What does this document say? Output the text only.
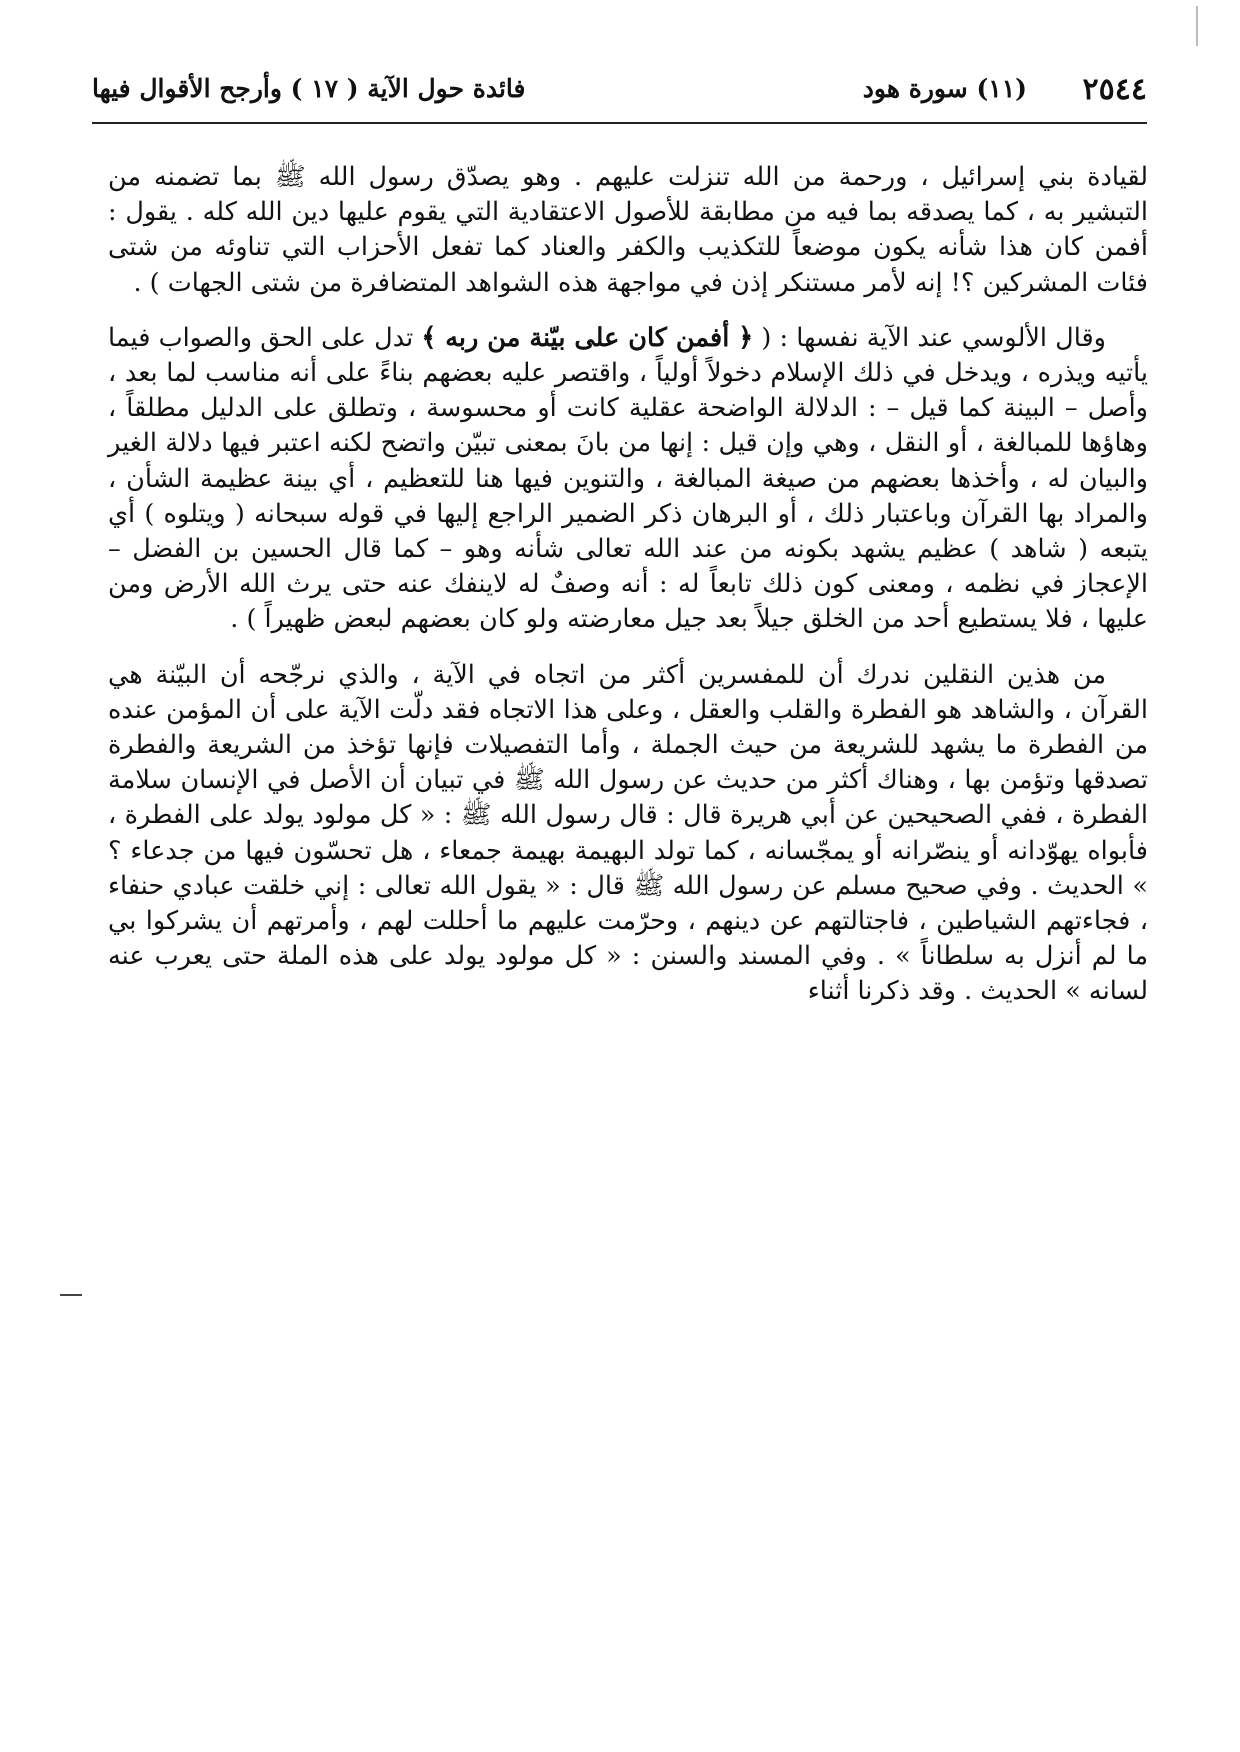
٢٥٤٤
(١١) سورة هود
فائدة حول الآية ( ١٧ ) وأرجح الأقوال فيها

لقيادة بني إسرائيل ، ورحمة من الله تنزلت عليهم . وهو يصدّق رسول الله ﷺ بما تضمنه من التبشير به ، كما يصدقه بما فيه من مطابقة للأصول الاعتقادية التي يقوم عليها دين الله كله . يقول : أفمن كان هذا شأنه يكون موضعاً للتكذيب والكفر والعناد كما تفعل الأحزاب التي تناوئه من شتى فئات المشركين ؟! إنه لأمر مستنكر إذن في مواجهة هذه الشواهد المتضافرة من شتى الجهات ) .

وقال الألوسي عند الآية نفسها : ( ﴿ أفمن كان على بيّنة من ربه ﴾ تدل على الحق والصواب فيما يأتيه ويذره ، ويدخل في ذلك الإسلام دخولاً أولياً ، واقتصر عليه بعضهم بناءً على أنه مناسب لما بعد ، وأصل – البينة كما قيل – : الدلالة الواضحة عقلية كانت أو محسوسة ، وتطلق على الدليل مطلقاً ، وهاؤها للمبالغة ، أو النقل ، وهي وإن قيل : إنها من بانَ بمعنى تبيّن واتضح لكنه اعتبر فيها دلالة الغير والبيان له ، وأخذها بعضهم من صيغة المبالغة ، والتنوين فيها هنا للتعظيم ، أي بينة عظيمة الشأن ، والمراد بها القرآن وباعتبار ذلك ، أو البرهان ذكر الضمير الراجع إليها في قوله سبحانه ( ويتلوه ) أي يتبعه ( شاهد ) عظيم يشهد بكونه من عند الله تعالى شأنه وهو – كما قال الحسين بن الفضل – الإعجاز في نظمه ، ومعنى كون ذلك تابعاً له : أنه وصفٌ له لاينفك عنه حتى يرث الله الأرض ومن عليها ، فلا يستطيع أحد من الخلق جيلاً بعد جيل معارضته ولو كان بعضهم لبعض ظهيراً ) .

من هذين النقلين ندرك أن للمفسرين أكثر من اتجاه في الآية ، والذي نرجّحه أن البيّنة هي القرآن ، والشاهد هو الفطرة والقلب والعقل ، وعلى هذا الاتجاه فقد دلّت الآية على أن المؤمن عنده من الفطرة ما يشهد للشريعة من حيث الجملة ، وأما التفصيلات فإنها تؤخذ من الشريعة والفطرة تصدقها وتؤمن بها ، وهناك أكثر من حديث عن رسول الله ﷺ في تبيان أن الأصل في الإنسان سلامة الفطرة ، ففي الصحيحين عن أبي هريرة قال : قال رسول الله ﷺ : « كل مولود يولد على الفطرة ، فأبواه يهوّدانه أو ينصّرانه أو يمجّسانه ، كما تولد البهيمة بهيمة جمعاء ، هل تحسّون فيها من جدعاء ؟ » الحديث . وفي صحيح مسلم عن رسول الله ﷺ قال : « يقول الله تعالى : إني خلقت عبادي حنفاء ، فجاءتهم الشياطين ، فاجتالتهم عن دينهم ، وحرّمت عليهم ما أحللت لهم ، وأمرتهم أن يشركوا بي ما لم أنزل به سلطاناً » . وفي المسند والسنن : « كل مولود يولد على هذه الملة حتى يعرب عنه لسانه » الحديث . وقد ذكرنا أثناء
